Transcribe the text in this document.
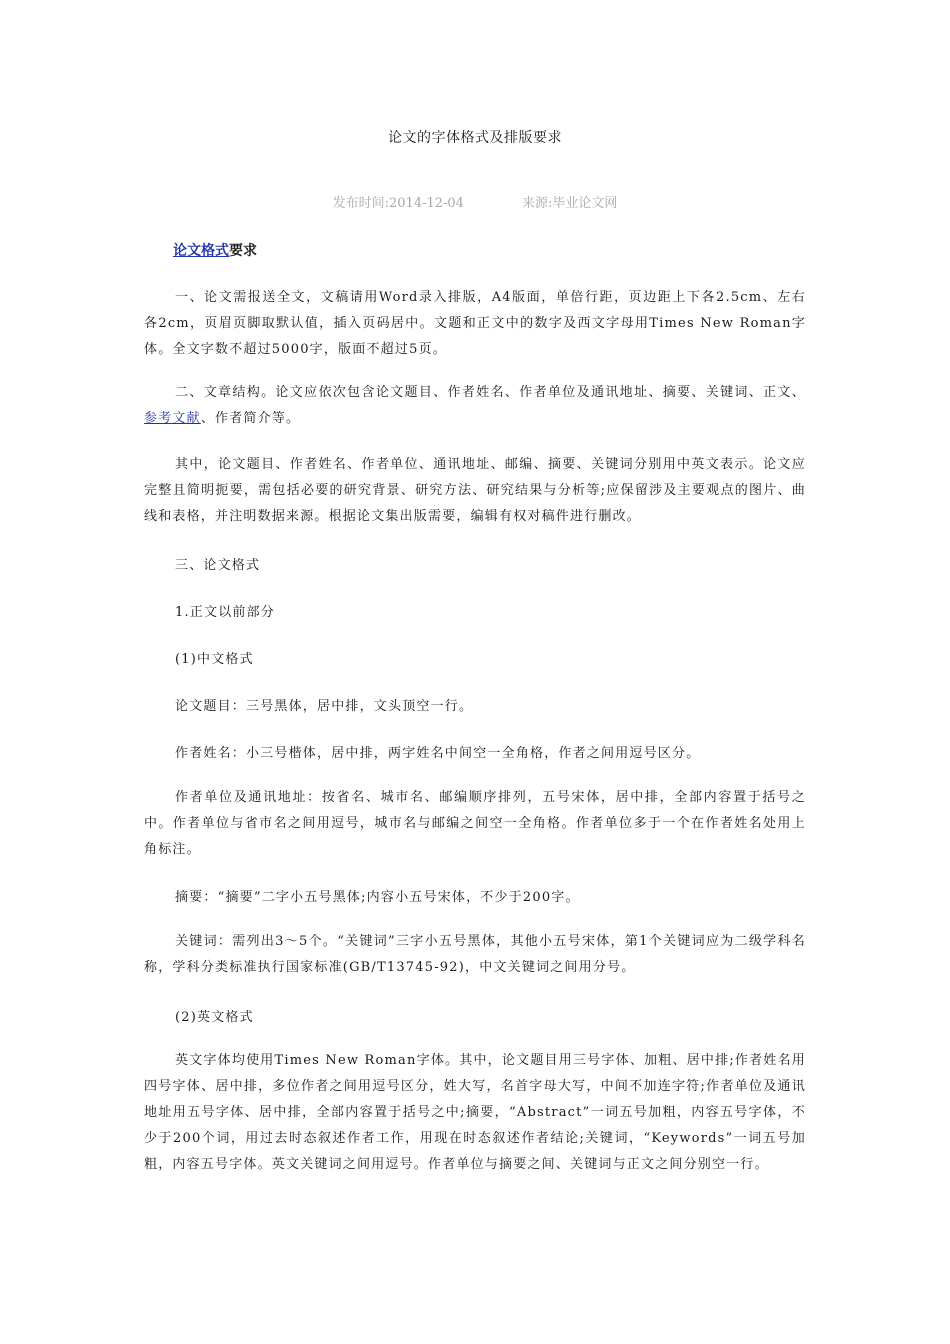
论文的字体格式及排版要求
发布时间:2014-12-04	来源:毕业论文网
论文格式要求

一、论文需报送全文，文稿请用Word录入排版，A4版面，单倍行距，页边距上下各2.5cm、左右各2cm，页眉页脚取默认值，插入页码居中。文题和正文中的数字及西文字母用Times New Roman字体。全文字数不超过5000字，版面不超过5页。

二、文章结构。论文应依次包含论文题目、作者姓名、作者单位及通讯地址、摘要、关键词、正文、参考文献、作者简介等。

其中，论文题目、作者姓名、作者单位、通讯地址、邮编、摘要、关键词分别用中英文表示。论文应完整且简明扼要，需包括必要的研究背景、研究方法、研究结果与分析等;应保留涉及主要观点的图片、曲线和表格，并注明数据来源。根据论文集出版需要，编辑有权对稿件进行删改。

三、论文格式

1.正文以前部分

(1)中文格式

论文题目：三号黑体，居中排，文头顶空一行。

作者姓名：小三号楷体，居中排，两字姓名中间空一全角格，作者之间用逗号区分。

作者单位及通讯地址：按省名、城市名、邮编顺序排列，五号宋体，居中排，全部内容置于括号之中。作者单位与省市名之间用逗号，城市名与邮编之间空一全角格。作者单位多于一个在作者姓名处用上角标注。

摘要：“摘要”二字小五号黑体;内容小五号宋体，不少于200字。

关键词：需列出3～5个。“关键词”三字小五号黑体，其他小五号宋体，第1个关键词应为二级学科名称，学科分类标准执行国家标准(GB/T13745-92)，中文关键词之间用分号。

(2)英文格式

英文字体均使用Times New Roman字体。其中，论文题目用三号字体、加粗、居中排;作者姓名用四号字体、居中排，多位作者之间用逗号区分，姓大写，名首字母大写，中间不加连字符;作者单位及通讯地址用五号字体、居中排，全部内容置于括号之中;摘要，“Abstract”一词五号加粗，内容五号字体，不少于200个词，用过去时态叙述作者工作，用现在时态叙述作者结论;关键词，“Keywords”一词五号加粗，内容五号字体。英文关键词之间用逗号。作者单位与摘要之间、关键词与正文之间分别空一行。
